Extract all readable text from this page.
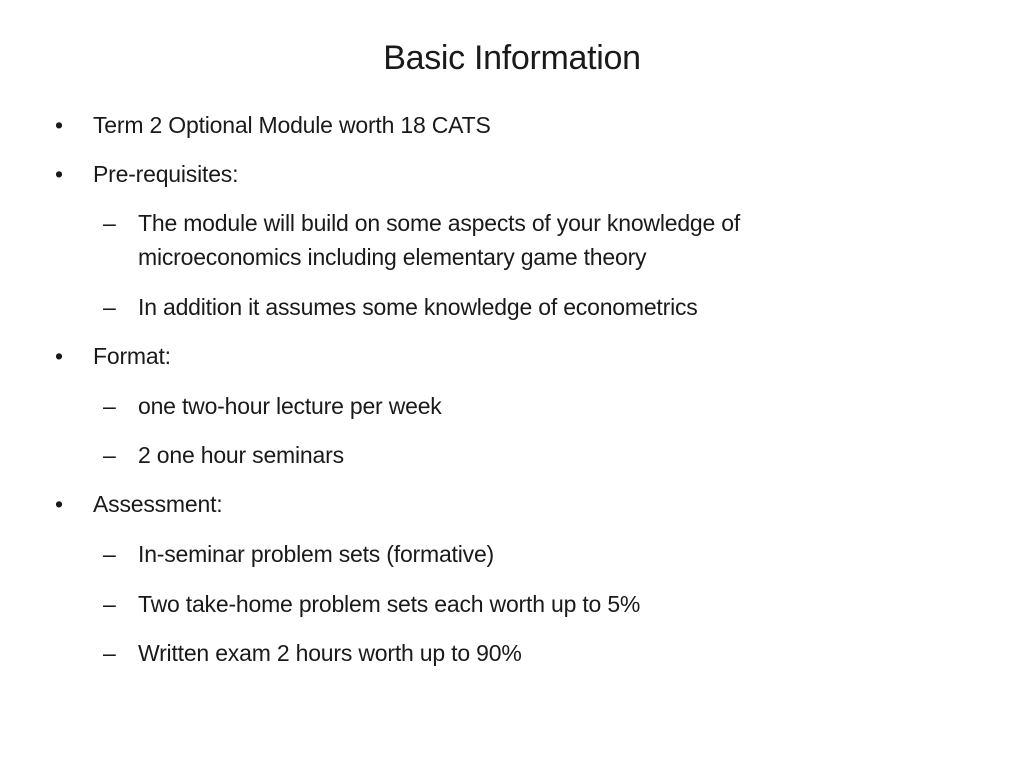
Basic Information
• Term 2 Optional Module worth 18 CATS
• Pre-requisites:
– The module will build on some aspects of your knowledge of
microeconomics including elementary game theory
– In addition it assumes some knowledge of econometrics
• Format:
– one two-hour lecture per week
– 2 one hour seminars
• Assessment:
– In-seminar problem sets (formative)
– Two take-home problem sets each worth up to 5%
– Written exam 2 hours worth up to 90%
